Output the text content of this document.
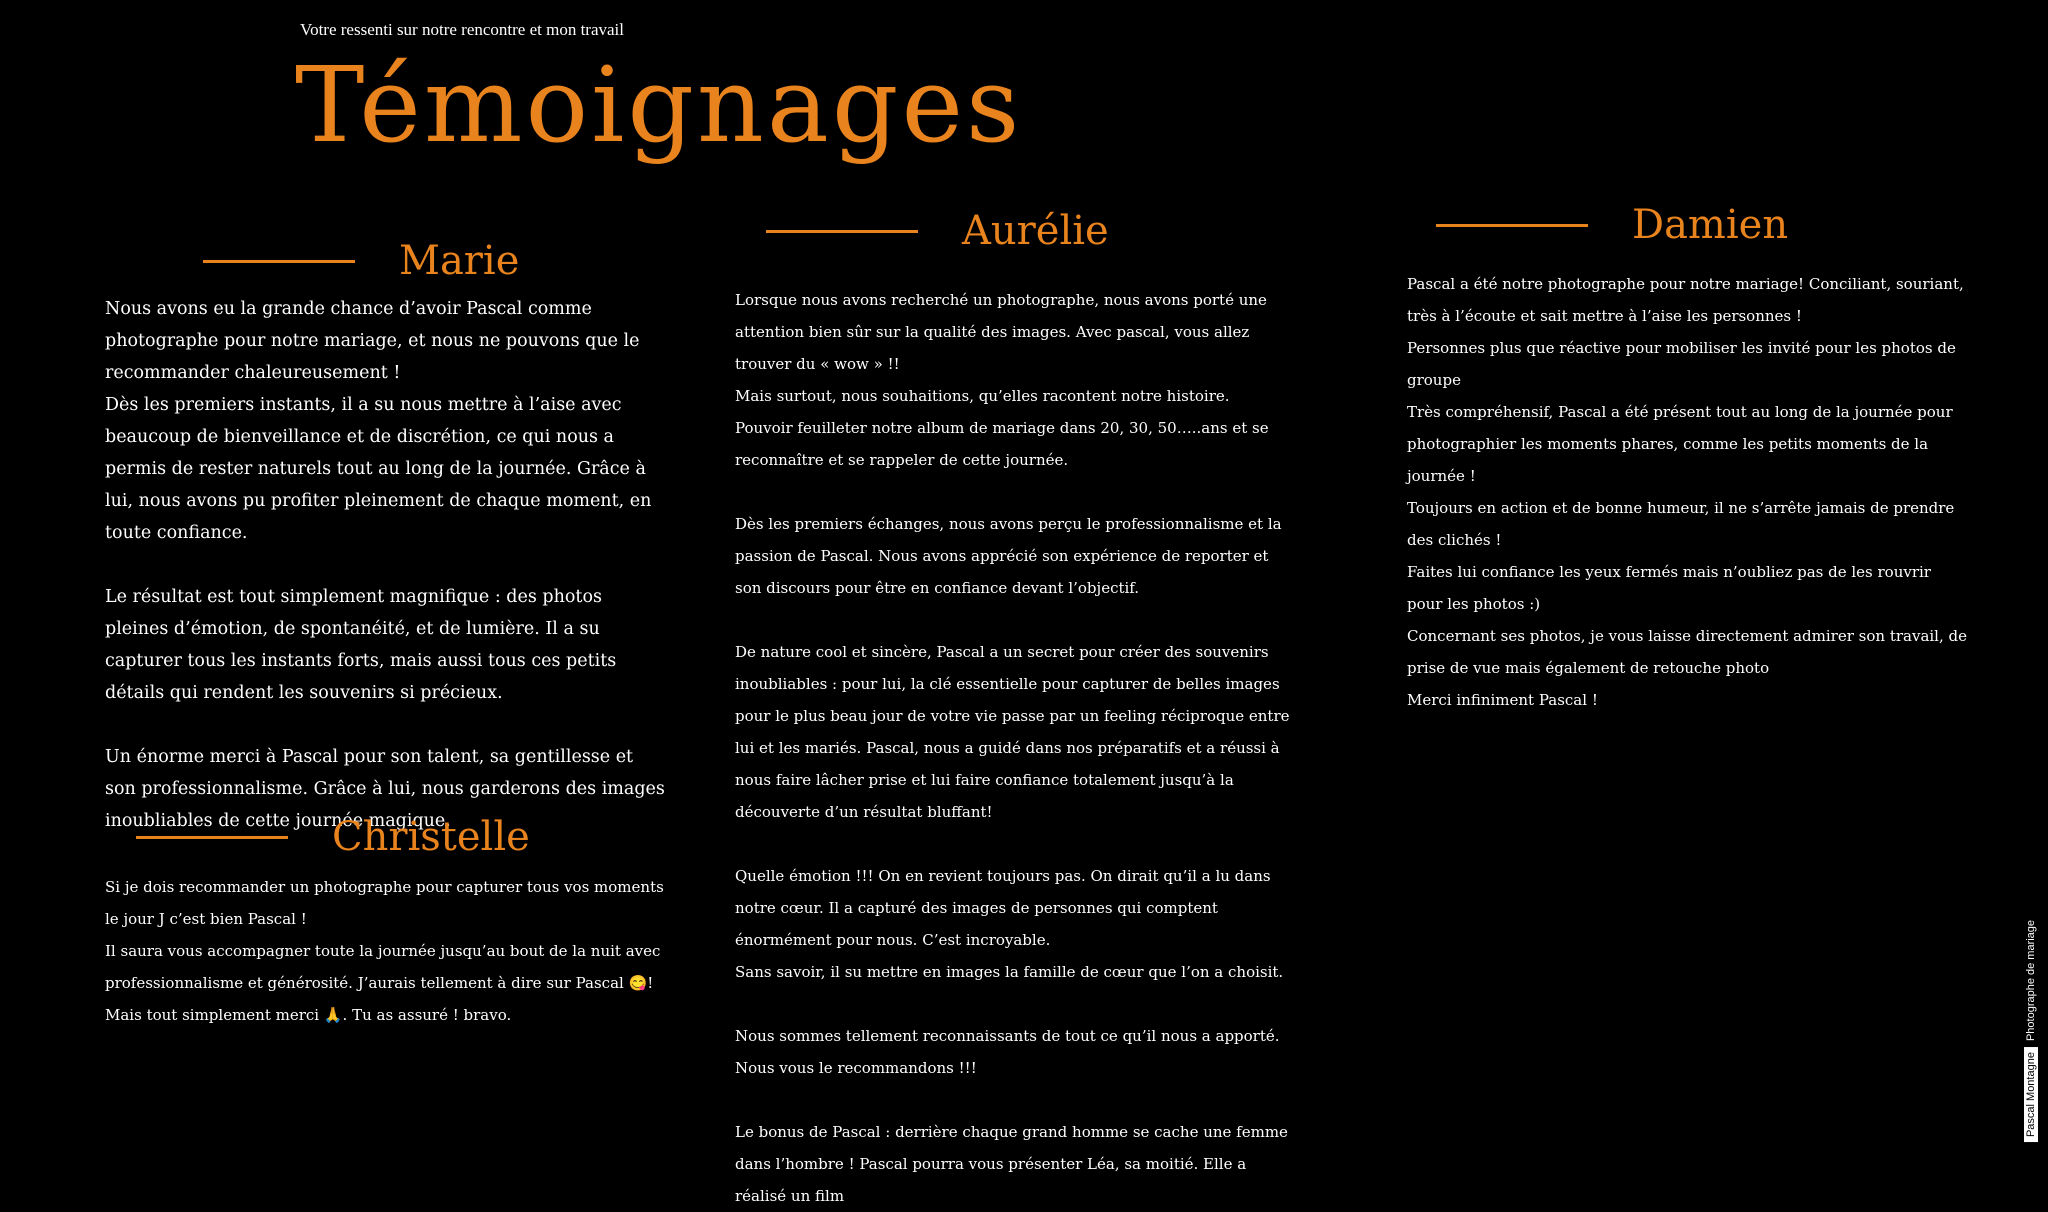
Votre ressenti sur notre rencontre et mon travail
Témoignages
Marie

Nous avons eu la grande chance d’avoir Pascal comme photographe pour notre mariage, et nous ne pouvons que le recommander chaleureusement !

Dès les premiers instants, il a su nous mettre à l’aise avec beaucoup de bienveillance et de discrétion, ce qui nous a permis de rester naturels tout au long de la journée. Grâce à lui, nous avons pu profiter pleinement de chaque moment, en toute confiance.

Le résultat est tout simplement magnifique : des photos pleines d’émotion, de spontanéité, et de lumière. Il a su capturer tous les instants forts, mais aussi tous ces petits détails qui rendent les souvenirs si précieux.

Un énorme merci à Pascal pour son talent, sa gentillesse et son professionnalisme. Grâce à lui, nous garderons des images inoubliables de cette journée magique.

Aurélie

Lorsque nous avons recherché un photographe, nous avons porté une attention bien sûr sur la qualité des images. Avec pascal, vous allez trouver du « wow » !!

Mais surtout, nous souhaitions, qu’elles racontent notre histoire.

Pouvoir feuilleter notre album de mariage dans 20, 30, 50…..ans et se reconnaître et se rappeler de cette journée.

Dès les premiers échanges, nous avons perçu le professionnalisme et la passion de Pascal. Nous avons apprécié son expérience de reporter et son discours pour être en confiance devant l’objectif.

De nature cool et sincère, Pascal a un secret pour créer des souvenirs inoubliables : pour lui, la clé essentielle pour capturer de belles images pour le plus beau jour de votre vie passe par un feeling réciproque entre lui et les mariés. Pascal, nous a guidé dans nos préparatifs et a réussi à nous faire lâcher prise et lui faire confiance totalement jusqu’à la découverte d’un résultat bluffant!

Quelle émotion !!! On en revient toujours pas. On dirait qu’il a lu dans notre cœur. Il a capturé des images de personnes qui comptent énormément pour nous. C’est incroyable.

Sans savoir, il su mettre en images la famille de cœur que l’on a choisit.

Nous sommes tellement reconnaissants de tout ce qu’il nous a apporté. Nous vous le recommandons !!!

Le bonus de Pascal : derrière chaque grand homme se cache une femme dans l’hombre ! Pascal pourra vous présenter Léa, sa moitié. Elle a réalisé un film

Damien

Pascal a été notre photographe pour notre mariage! Conciliant, souriant, très à l’écoute et sait mettre à l’aise les personnes !

Personnes plus que réactive pour mobiliser les invité pour les photos de groupe

Très compréhensif, Pascal a été présent tout au long de la journée pour photographier les moments phares, comme les petits moments de la journée !

Toujours en action et de bonne humeur, il ne s’arrête jamais de prendre des clichés !

Faites lui confiance les yeux fermés mais n’oubliez pas de les rouvrir pour les photos :)

Concernant ses photos, je vous laisse directement admirer son travail, de prise de vue mais également de retouche photo

Merci infiniment Pascal !

Christelle

Si je dois recommander un photographe pour capturer tous vos moments le jour J c’est bien Pascal !

Il saura vous accompagner toute la journée jusqu’au bout de la nuit avec professionnalisme et générosité. J’aurais tellement à dire sur Pascal 😋!

Mais tout simplement merci 🙏. Tu as assuré ! bravo.

Pascal Montagne
Photographe de mariage
